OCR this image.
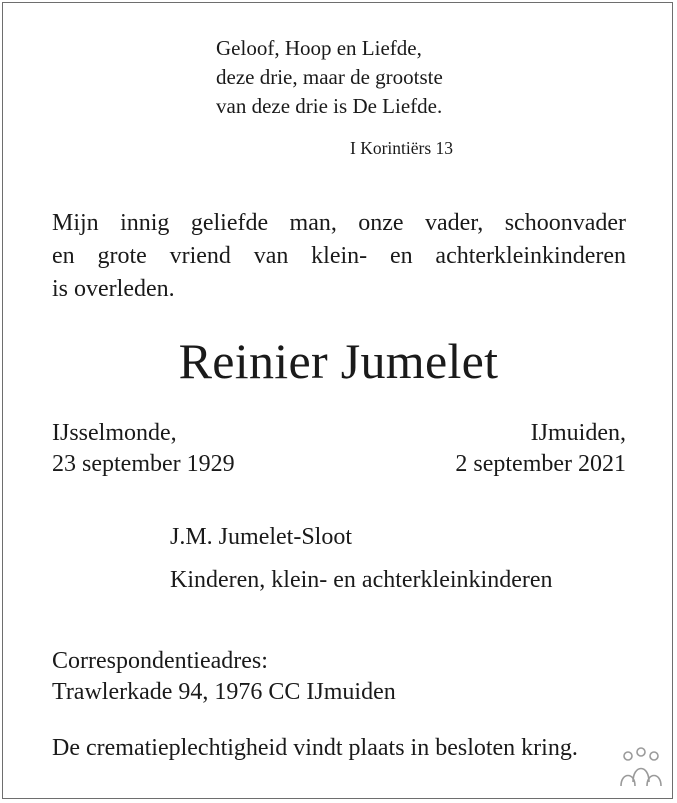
Geloof, Hoop en Liefde,
deze drie, maar de grootste
van deze drie is De Liefde.
I Korintiërs 13
Mijn innig geliefde man, onze vader, schoonvader
en grote vriend van klein- en achterkleinkinderen
is overleden.
Reinier Jumelet
IJsselmonde,
23 september 1929
IJmuiden,
2 september 2021
J.M. Jumelet-Sloot
Kinderen, klein- en achterkleinkinderen
Correspondentieadres:
Trawlerkade 94, 1976 CC IJmuiden
De crematieplechtigheid vindt plaats in besloten kring.
